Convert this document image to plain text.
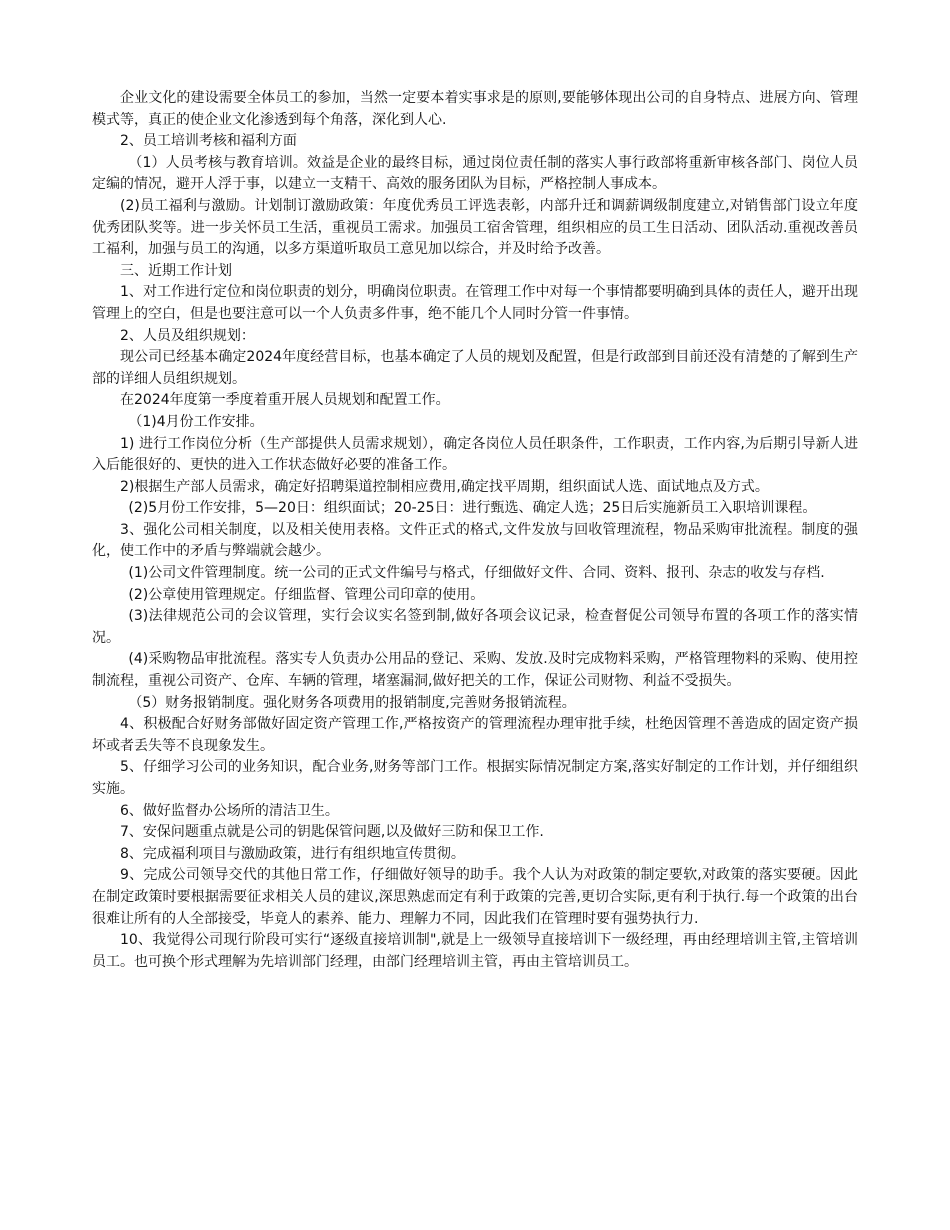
企业文化的建设需要全体员工的参加，当然一定要本着实事求是的原则,要能够体现出公司的自身特点、进展方向、管理模式等，真正的使企业文化渗透到每个角落，深化到人心.

2、员工培训考核和福利方面

（1）人员考核与教育培训。效益是企业的最终目标，通过岗位责任制的落实人事行政部将重新审核各部门、岗位人员定编的情况，避开人浮于事，以建立一支精干、高效的服务团队为目标，严格控制人事成本。

(2)员工福利与激励。计划制订激励政策：年度优秀员工评选表彰，内部升迁和调薪调级制度建立,对销售部门设立年度优秀团队奖等。进一步关怀员工生活，重视员工需求。加强员工宿舍管理，组织相应的员工生日活动、团队活动.重视改善员工福利，加强与员工的沟通，以多方渠道听取员工意见加以综合，并及时给予改善。

三、近期工作计划

1、对工作进行定位和岗位职责的划分，明确岗位职责。在管理工作中对每一个事情都要明确到具体的责任人，避开出现管理上的空白，但是也要注意可以一个人负责多件事，绝不能几个人同时分管一件事情。

2、人员及组织规划：

现公司已经基本确定2024年度经营目标，也基本确定了人员的规划及配置，但是行政部到目前还没有清楚的了解到生产部的详细人员组织规划。

在2024年度第一季度着重开展人员规划和配置工作。

（1)4月份工作安排。

1) 进行工作岗位分析（生产部提供人员需求规划），确定各岗位人员任职条件，工作职责，工作内容,为后期引导新人进入后能很好的、更快的进入工作状态做好必要的准备工作。

2)根据生产部人员需求，确定好招聘渠道控制相应费用,确定找平周期，组织面试人选、面试地点及方式。

(2)5月份工作安排，5—20日：组织面试；20-25日：进行甄选、确定人选；25日后实施新员工入职培训课程。

3、强化公司相关制度，以及相关使用表格。文件正式的格式,文件发放与回收管理流程，物品采购审批流程。制度的强化，使工作中的矛盾与弊端就会越少。

(1)公司文件管理制度。统一公司的正式文件编号与格式，仔细做好文件、合同、资料、报刊、杂志的收发与存档.

(2)公章使用管理规定。仔细监督、管理公司印章的使用。

(3)法律规范公司的会议管理，实行会议实名签到制,做好各项会议记录，检查督促公司领导布置的各项工作的落实情况。

(4)采购物品审批流程。落实专人负责办公用品的登记、采购、发放.及时完成物料采购，严格管理物料的采购、使用控制流程，重视公司资产、仓库、车辆的管理，堵塞漏洞,做好把关的工作，保证公司财物、利益不受损失。

（5）财务报销制度。强化财务各项费用的报销制度,完善财务报销流程。

4、积极配合好财务部做好固定资产管理工作,严格按资产的管理流程办理审批手续，杜绝因管理不善造成的固定资产损坏或者丢失等不良现象发生。

5、仔细学习公司的业务知识，配合业务,财务等部门工作。根据实际情况制定方案,落实好制定的工作计划，并仔细组织实施。

6、做好监督办公场所的清洁卫生。

7、安保问题重点就是公司的钥匙保管问题,以及做好三防和保卫工作.

8、完成福利项目与激励政策，进行有组织地宣传贯彻。

9、完成公司领导交代的其他日常工作，仔细做好领导的助手。我个人认为对政策的制定要软,对政策的落实要硬。因此在制定政策时要根据需要征求相关人员的建议,深思熟虑而定有利于政策的完善,更切合实际,更有利于执行.每一个政策的出台很难让所有的人全部接受，毕竟人的素养、能力、理解力不同，因此我们在管理时要有强势执行力.

10、我觉得公司现行阶段可实行“逐级直接培训制",就是上一级领导直接培训下一级经理，再由经理培训主管,主管培训员工。也可换个形式理解为先培训部门经理，由部门经理培训主管，再由主管培训员工。
